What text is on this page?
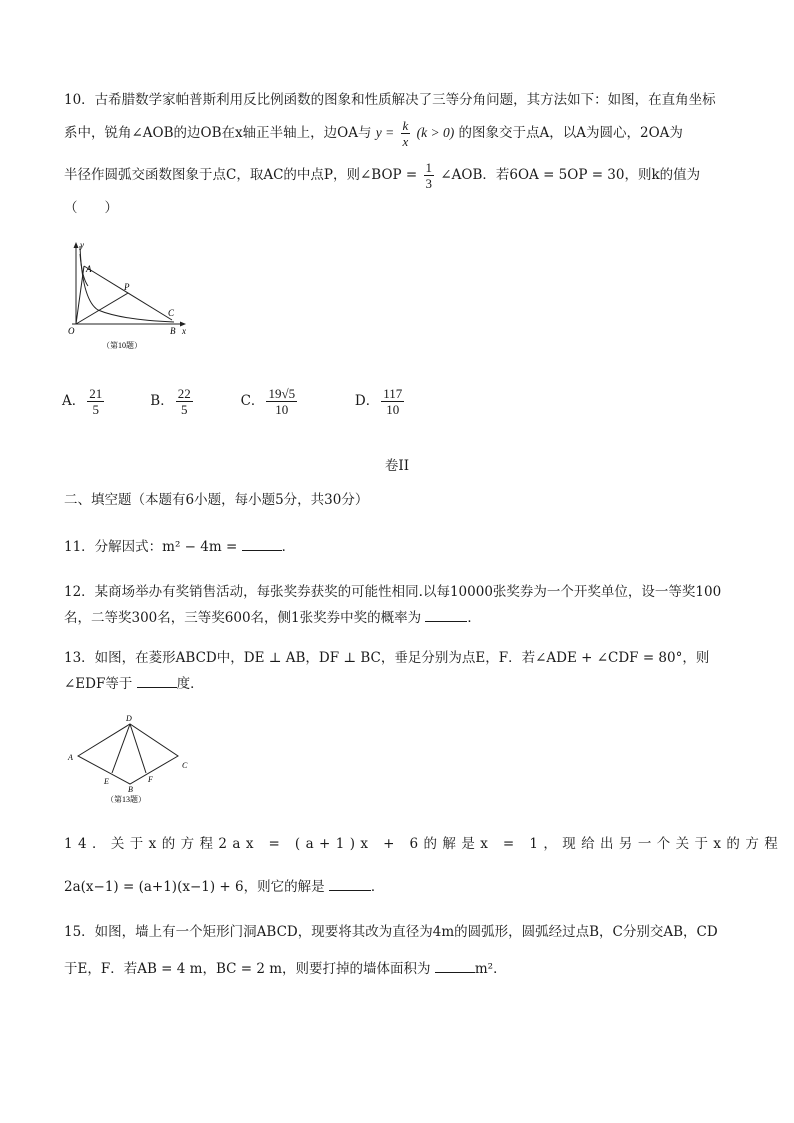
10．古希腊数学家帕普斯利用反比例函数的图象和性质解决了三等分角问题，其方法如下：如图，在直角坐标
系中，锐角∠AOB的边OB在x轴正半轴上，边OA与 $y = \frac{k}{x} (k > 0)$ 的图象交于点A，以A为圆心，2OA为
半径作圆弧交函数图象于点C，取AC的中点P，则∠BOP = $\frac{1}{3}$ ∠AOB．若6OA = 5OP = 30，则k的值为
（　　）
y
A
P
C
O	B x
（第10题）
A． $\frac{21}{5}$	B． $\frac{22}{5}$	C． $\frac{19√5}{10}$	D． $\frac{117}{10}$
卷II
二、填空题（本题有6小题，每小题5分，共30分）
11．分解因式：m² − 4m =	．
12．某商场举办有奖销售活动，每张奖券获奖的可能性相同.以每10000张奖券为一个开奖单位，设一等奖100
名，二等奖300名，三等奖600名，侧1张奖券中奖的概率为	．
13．如图，在菱形ABCD中，DE ⊥ AB，DF ⊥ BC，垂足分别为点E，F．若∠ADE + ∠CDF = 80°，则
∠EDF等于	度．
D
A
C
E	F
B
（第13题）
14．关于x的方程2ax = (a+1)x + 6的解是x = 1，现给出另一个关于x的方程
2a(x−1) = (a+1)(x−1) + 6，则它的解是	．
15．如图，墙上有一个矩形门洞ABCD，现要将其改为直径为4m的圆弧形，圆弧经过点B，C分别交AB，CD
于E，F．若AB = 4 m，BC = 2 m，则要打掉的墙体面积为	m²．
